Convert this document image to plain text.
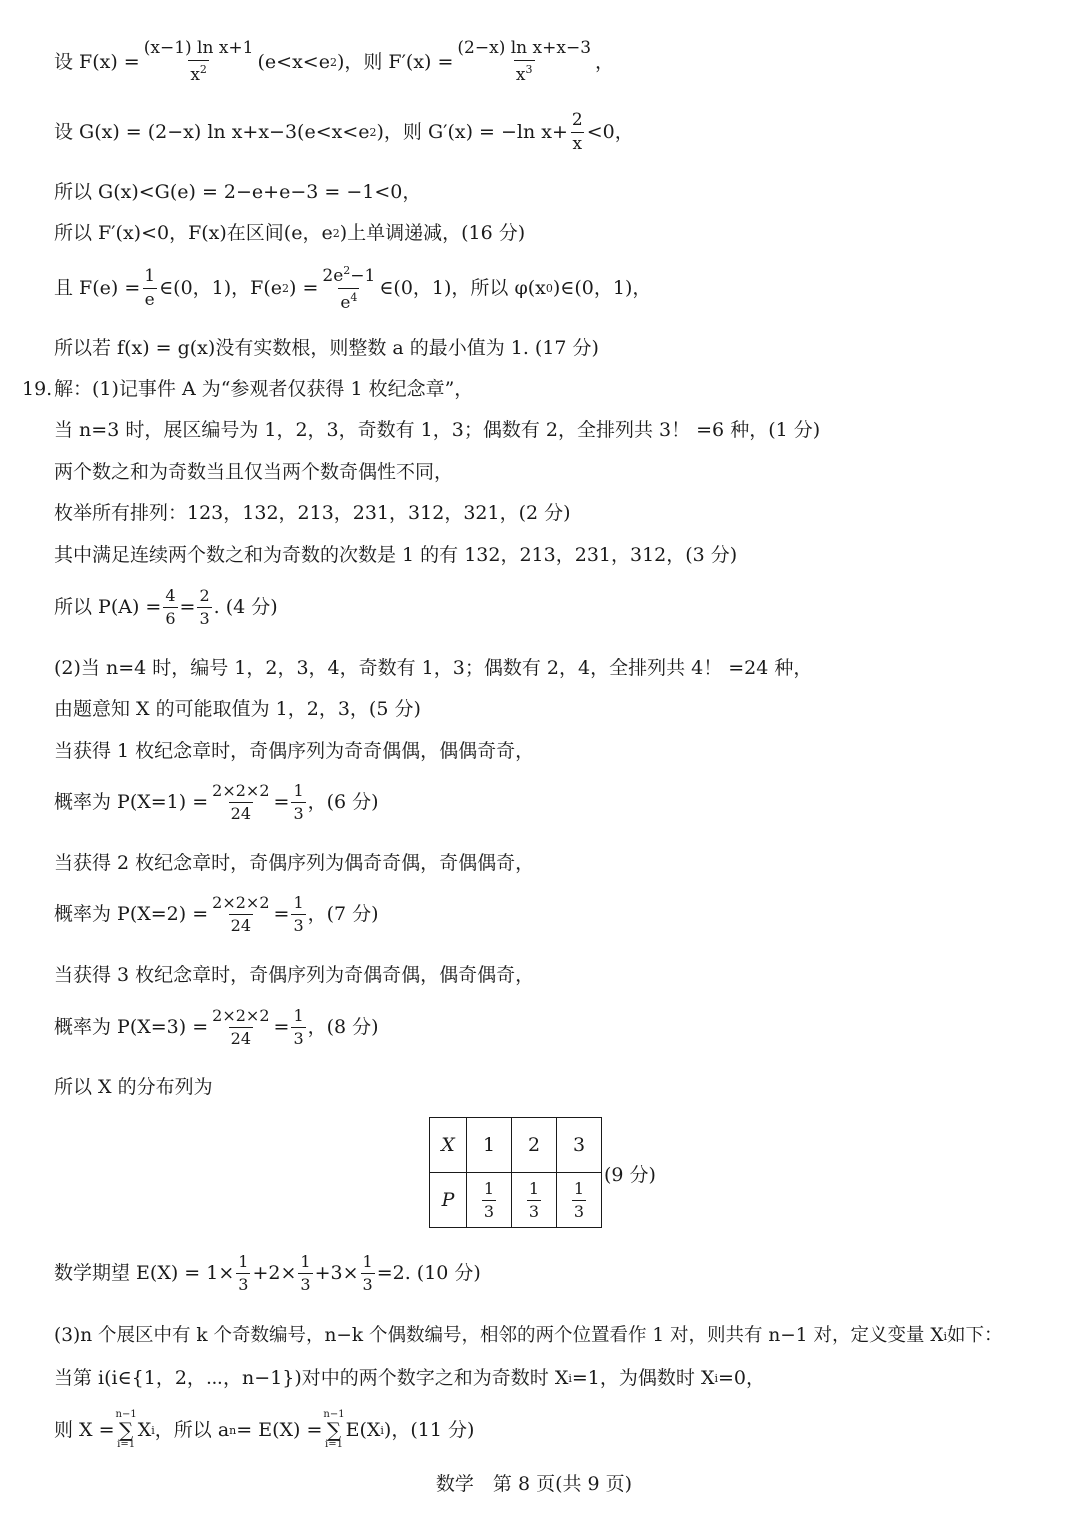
设 $F(x) = \frac{\text{(x−1) ln x+1}}{x^2} (e<x<e$ 2 )，则 $F'(x) = \frac{\text{(2−x) ln x+x−3}}{x^3}$ ，
设 G(x) = (2−x) ln x+x−3(e<x<e 2 )，则 G′(x) = −ln $x+ \frac{2}{x} <0$，
所以 G(x)<G(e) = 2−e+e−3 = −1<0，
所以 F′(x)<0，F(x)在区间(e，e 2 )上单调递减，(16 分)
且 $F(e) = \frac{1}{e}$ ∈(0，1)，F(e 2 ) = $\frac{2e^2-1}{e^4}$ ∈(0，1)，所以 φ(x 0 )∈(0，1)，
所以若 f(x) = g(x)没有实数根，则整数 a 的最小值为 1. (17 分)
19. 解：(1)记事件 A 为“参观者仅获得 1 枚纪念章”，
当 n=3 时，展区编号为 1，2，3，奇数有 1，3；偶数有 2，全排列共 3！ =6 种，(1 分)
两个数之和为奇数当且仅当两个数奇偶性不同，
枚举所有排列：123，132，213，231，312，321，(2 分)
其中满足连续两个数之和为奇数的次数是 1 的有 132，213，231，312，(3 分)
所以 $P(A) = \frac{4}{6} = \frac{2}{3}$ . (4 分)
(2)当 n=4 时，编号 1，2，3，4，奇数有 1，3；偶数有 2，4，全排列共 4！ =24 种，
由题意知 X 的可能取值为 1，2，3，(5 分)
当获得 1 枚纪念章时，奇偶序列为奇奇偶偶，偶偶奇奇，
概率为 $P(X=1) = \frac{2\times 2\times 2}{24} = \frac{1}{3}$ ，(6 分)
当获得 2 枚纪念章时，奇偶序列为偶奇奇偶，奇偶偶奇，
概率为 $P(X=2) = \frac{2\times 2\times 2}{24} = \frac{1}{3}$ ，(7 分)
当获得 3 枚纪念章时，奇偶序列为奇偶奇偶，偶奇偶奇，
概率为 $P(X=3) = \frac{2\times 2\times 2}{24} = \frac{1}{3}$ ，(8 分)
所以 X 的分布列为
X	1	2	3
P	$\frac{1}{3}$	$\frac{1}{3}$	$\frac{1}{3}$
(9 分)
数学期望 $E(X) = 1\times \frac{1}{3} +2\times \frac{1}{3} +3\times \frac{1}{3} =2$. (10 分)
(3)n 个展区中有 k 个奇数编号，n−k 个偶数编号，相邻的两个位置看作 1 对，则共有 n−1 对，定义变量 X i 如下：
当第 i(i∈{1，2，⋯，n−1})对中的两个数字之和为奇数时 X i =1，为偶数时 X i =0，
则 X =
n−1
∑
i=1
X i ，所以 a n = E(X) =
n−1
∑
i=1
E(X i )，(11 分)
数学　第 8 页(共 9 页)
